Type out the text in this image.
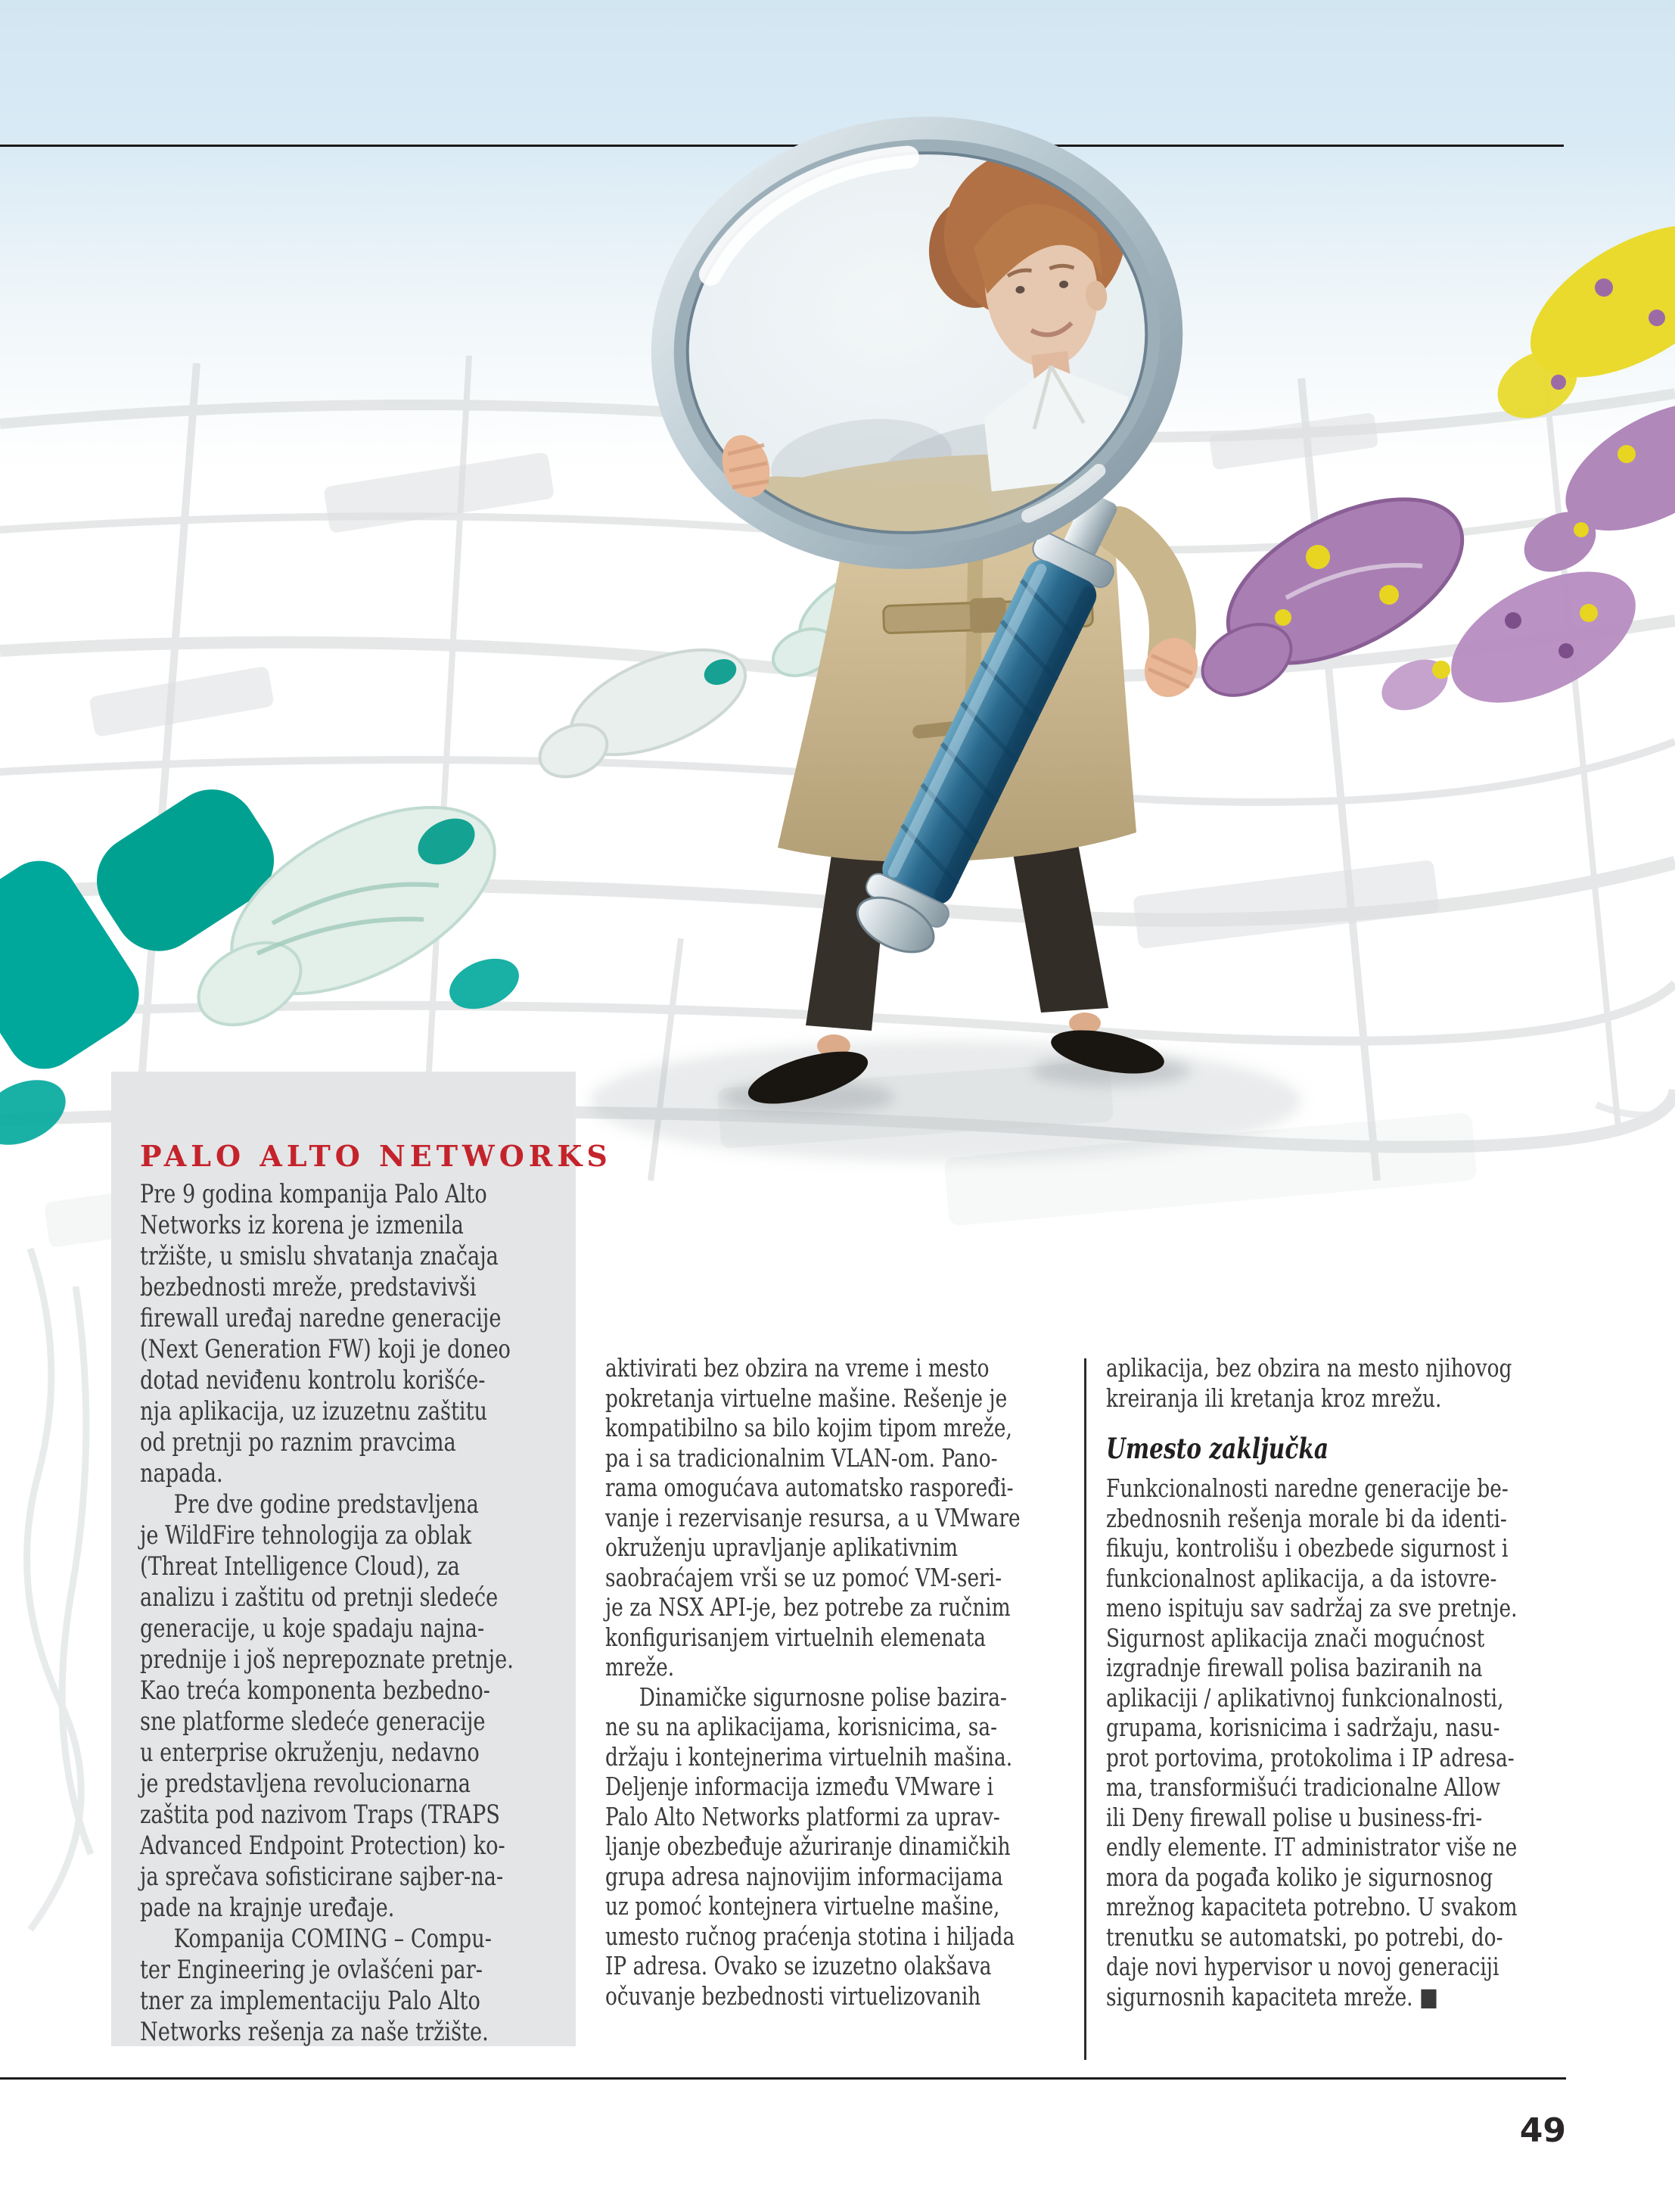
PALO ALTO NETWORKS
Pre 9 godina kompanija Palo Alto
Networks iz korena je izmenila
tržište, u smislu shvatanja značaja
bezbednosti mreže, predstavivši
firewall uređaj naredne generacije
(Next Generation FW) koji je doneo
dotad neviđenu kontrolu korišće-
nja aplikacija, uz izuzetnu zaštitu
od pretnji po raznim pravcima
napada.
Pre dve godine predstavljena
je WildFire tehnologija za oblak
(Threat Intelligence Cloud), za
analizu i zaštitu od pretnji sledeće
generacije, u koje spadaju najna-
prednije i još neprepoznate pretnje.
Kao treća komponenta bezbedno-
sne platforme sledeće generacije
u enterprise okruženju, nedavno
je predstavljena revolucionarna
zaštita pod nazivom Traps (TRAPS
Advanced Endpoint Protection) ko-
ja sprečava sofisticirane sajber-na-
pade na krajnje uređaje.
Kompanija COMING – Compu-
ter Engineering je ovlašćeni par-
tner za implementaciju Palo Alto
Networks rešenja za naše tržište.
aktivirati bez obzira na vreme i mesto
pokretanja virtuelne mašine. Rešenje je
kompatibilno sa bilo kojim tipom mreže,
pa i sa tradicionalnim VLAN-om. Pano-
rama omogućava automatsko raspoređi-
vanje i rezervisanje resursa, a u VMware
okruženju upravljanje aplikativnim
saobraćajem vrši se uz pomoć VM-seri-
je za NSX API-je, bez potrebe za ručnim
konfigurisanjem virtuelnih elemenata
mreže.
Dinamičke sigurnosne polise bazira-
ne su na aplikacijama, korisnicima, sa-
držaju i kontejnerima virtuelnih mašina.
Deljenje informacija između VMware i
Palo Alto Networks platformi za uprav-
ljanje obezbeđuje ažuriranje dinamičkih
grupa adresa najnovijim informacijama
uz pomoć kontejnera virtuelne mašine,
umesto ručnog praćenja stotina i hiljada
IP adresa. Ovako se izuzetno olakšava
očuvanje bezbednosti virtuelizovanih
aplikacija, bez obzira na mesto njihovog
kreiranja ili kretanja kroz mrežu.
Umesto zaključka
Funkcionalnosti naredne generacije be-
zbednosnih rešenja morale bi da identi-
fikuju, kontrolišu i obezbede sigurnost i
funkcionalnost aplikacija, a da istovre-
meno ispituju sav sadržaj za sve pretnje.
Sigurnost aplikacija znači mogućnost
izgradnje firewall polisa baziranih na
aplikaciji / aplikativnoj funkcionalnosti,
grupama, korisnicima i sadržaju, nasu-
prot portovima, protokolima i IP adresa-
ma, transformišući tradicionalne Allow
ili Deny firewall polise u business-fri-
endly elemente. IT administrator više ne
mora da pogađa koliko je sigurnosnog
mrežnog kapaciteta potrebno. U svakom
trenutku se automatski, po potrebi, do-
daje novi hypervisor u novoj generaciji
sigurnosnih kapaciteta mreže. ■
49
